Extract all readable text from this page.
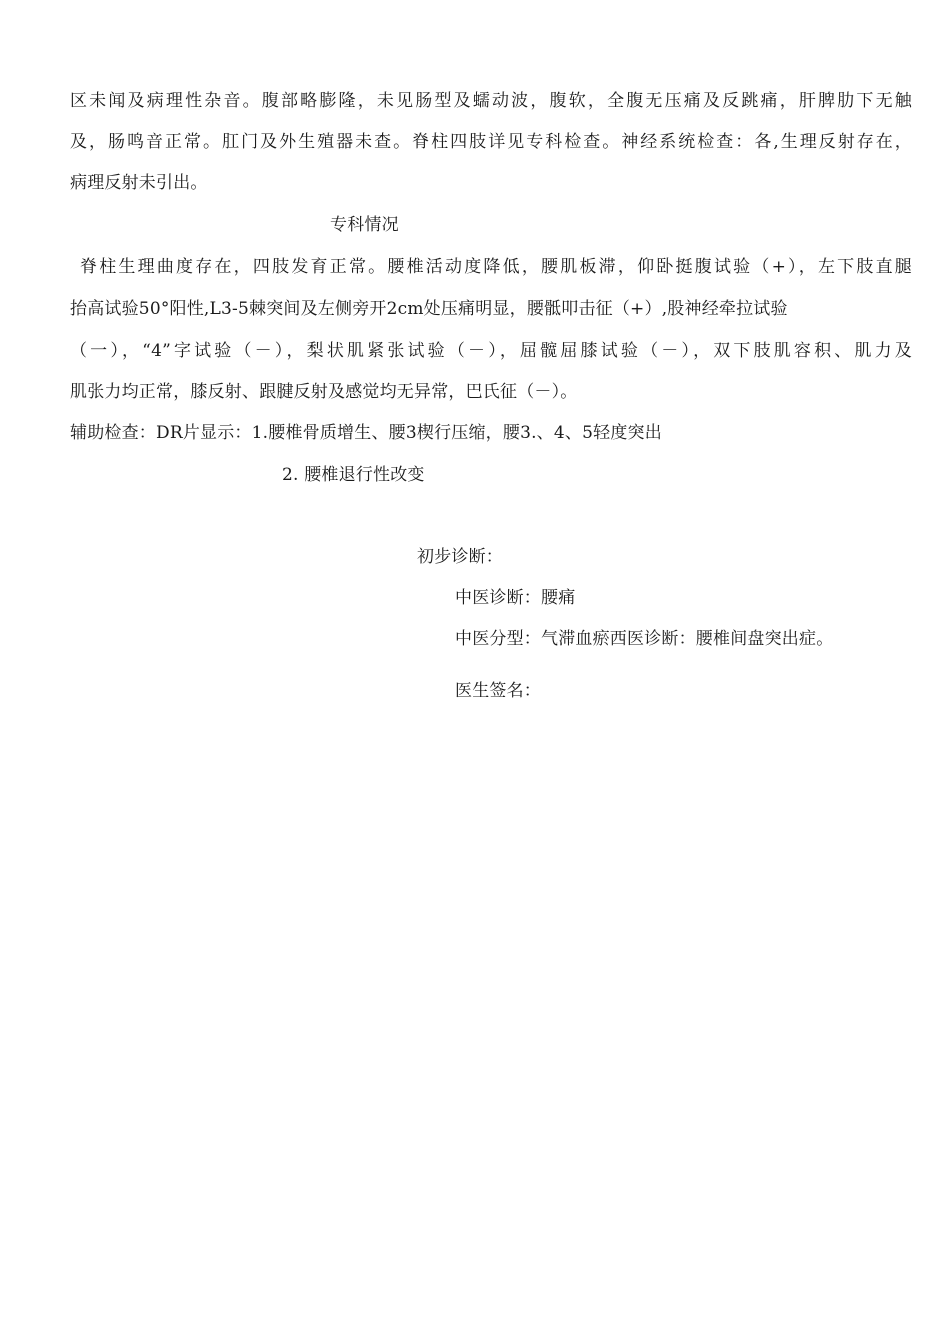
区未闻及病理性杂音。腹部略膨隆，未见肠型及蠕动波，腹软，全腹无压痛及反跳痛，肝脾肋下无触
及，肠鸣音正常。肛门及外生殖器未查。脊柱四肢详见专科检查。神经系统检查：各,生理反射存在，
病理反射未引出。
专科情况
脊柱生理曲度存在，四肢发育正常。腰椎活动度降低，腰肌板滞，仰卧挺腹试验（+），左下肢直腿
抬高试验50°阳性,L3-5棘突间及左侧旁开2cm处压痛明显，腰骶叩击征（+）,股神经牵拉试验
（一），“4”字试验（－），梨状肌紧张试验（－），屈髋屈膝试验（－），双下肢肌容积、肌力及
肌张力均正常，膝反射、跟腱反射及感觉均无异常，巴氏征（－）。
辅助检查：DR片显示：1.腰椎骨质增生、腰3楔行压缩，腰3.、4、5轻度突出
2. 腰椎退行性改变
初步诊断：
中医诊断：腰痛
中医分型：气滞血瘀西医诊断：腰椎间盘突出症。
医生签名：
